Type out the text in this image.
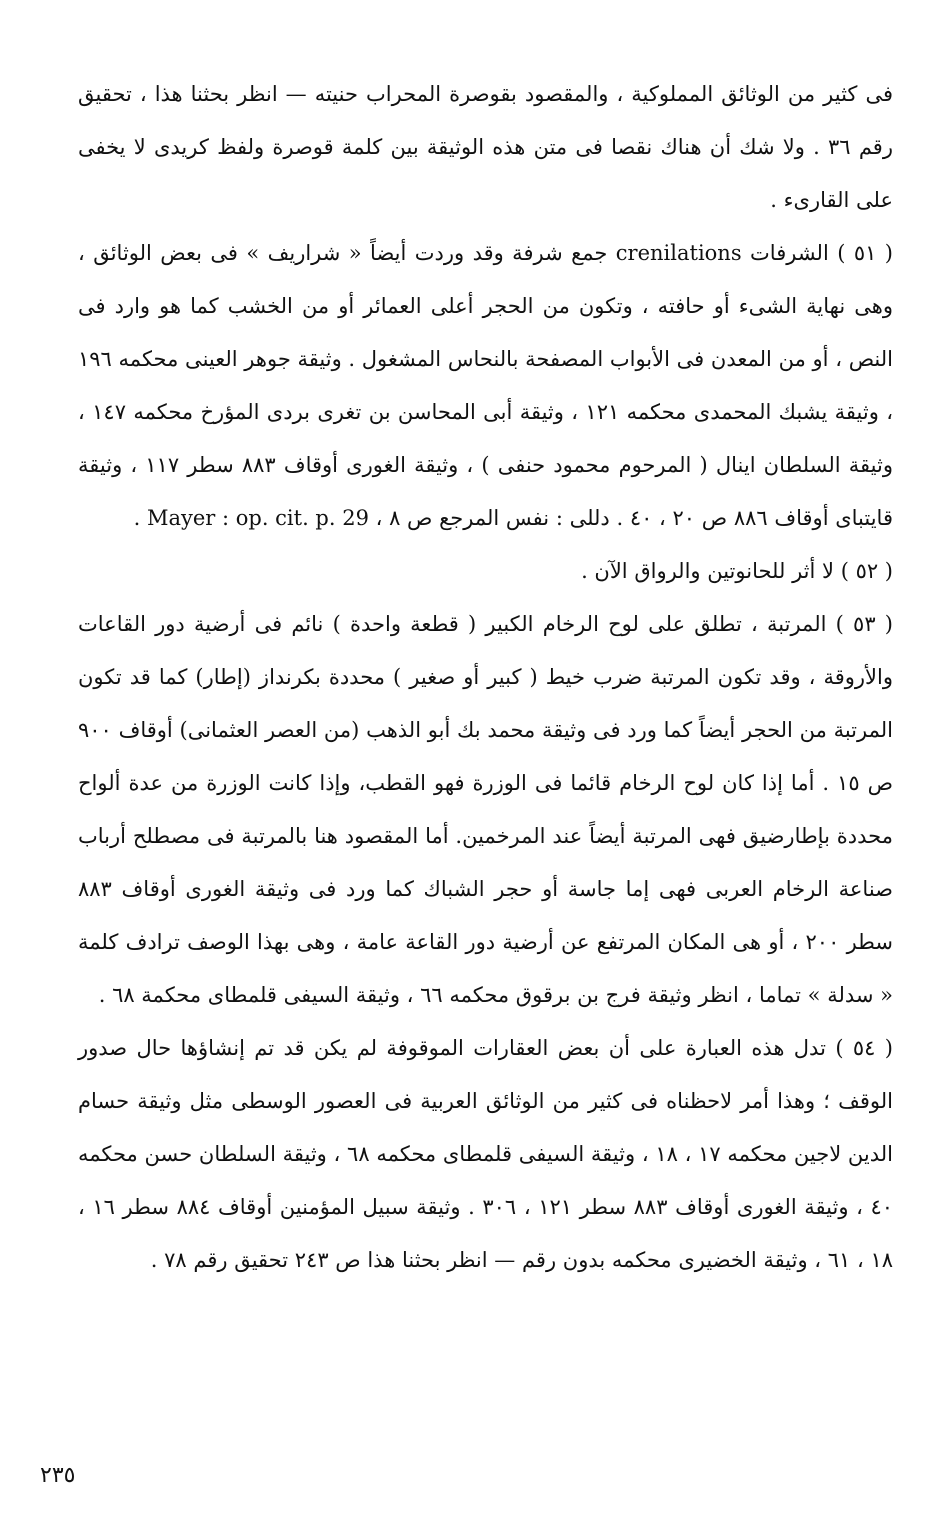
فى كثير من الوثائق المملوكية ، والمقصود بقوصرة المحراب حنيته — انظر بحثنا هذا ، تحقيق رقم ٣٦ . ولا شك أن هناك نقصا فى متن هذه الوثيقة بين كلمة قوصرة ولفظ كريدى لا يخفى على القارىء .

( ٥١ ) الشرفات crenilations جمع شرفة وقد وردت أيضاً « شراريف » فى بعض الوثائق ، وهى نهاية الشىء أو حافته ، وتكون من الحجر أعلى العمائر أو من الخشب كما هو وارد فى النص ، أو من المعدن فى الأبواب المصفحة بالنحاس المشغول . وثيقة جوهر العينى محكمه ١٩٦ ، وثيقة يشبك المحمدى محكمه ١٢١ ، وثيقة أبى المحاسن بن تغرى بردى المؤرخ محكمه ١٤٧ ، وثيقة السلطان اينال ( المرحوم محمود حنفى ) ، وثيقة الغورى أوقاف ٨٨٣ سطر ١١٧ ، وثيقة قايتباى أوقاف ٨٨٦ ص ٢٠ ، ٤٠ . دللى : نفس المرجع ص ٨ ، Mayer : op. cit. p. 29 .

( ٥٢ ) لا أثر للحانوتين والرواق الآن .

( ٥٣ ) المرتبة ، تطلق على لوح الرخام الكبير ( قطعة واحدة ) نائم فى أرضية دور القاعات والأروقة ، وقد تكون المرتبة ضرب خيط ( كبير أو صغير ) محددة بكرنداز (إطار) كما قد تكون المرتبة من الحجر أيضاً كما ورد فى وثيقة محمد بك أبو الذهب (من العصر العثمانى) أوقاف ٩٠٠ ص ١٥ . أما إذا كان لوح الرخام قائما فى الوزرة فهو القطب، وإذا كانت الوزرة من عدة ألواح محددة بإطارضيق فهى المرتبة أيضاً عند المرخمين. أما المقصود هنا بالمرتبة فى مصطلح أرباب صناعة الرخام العربى فهى إما جاسة أو حجر الشباك كما ورد فى وثيقة الغورى أوقاف ٨٨٣ سطر ٢٠٠ ، أو هى المكان المرتفع عن أرضية دور القاعة عامة ، وهى بهذا الوصف ترادف كلمة « سدلة » تماما ، انظر وثيقة فرج بن برقوق محكمه ٦٦ ، وثيقة السيفى قلمطاى محكمة ٦٨ .

( ٥٤ ) تدل هذه العبارة على أن بعض العقارات الموقوفة لم يكن قد تم إنشاؤها حال صدور الوقف ؛ وهذا أمر لاحظناه فى كثير من الوثائق العربية فى العصور الوسطى مثل وثيقة حسام الدين لاجين محكمه ١٧ ، ١٨ ، وثيقة السيفى قلمطاى محكمه ٦٨ ، وثيقة السلطان حسن محكمه ٤٠ ، وثيقة الغورى أوقاف ٨٨٣ سطر ١٢١ ، ٣٠٦ . وثيقة سبيل المؤمنين أوقاف ٨٨٤ سطر ١٦ ، ١٨ ، ٦١ ، وثيقة الخضيرى محكمه بدون رقم — انظر بحثنا هذا ص ٢٤٣ تحقيق رقم ٧٨ .

٢٣٥
